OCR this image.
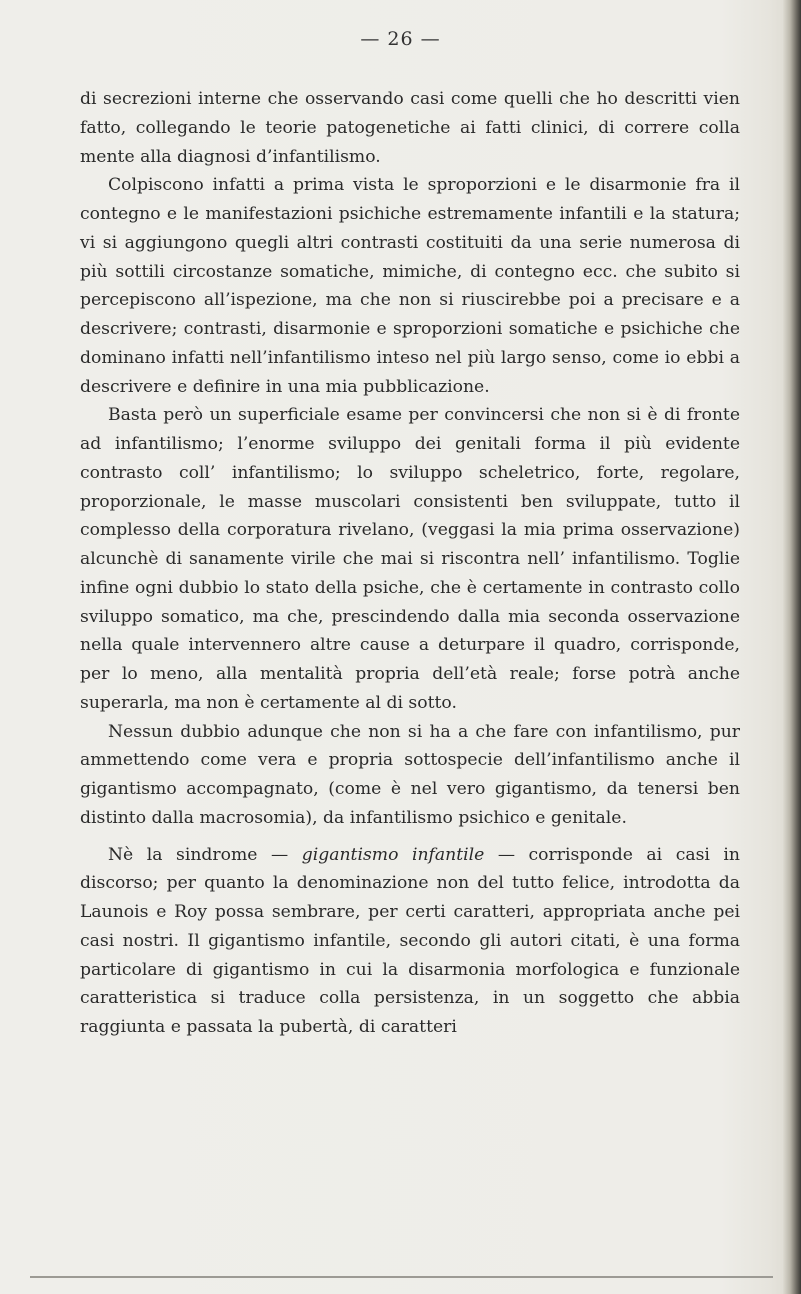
— 26 —

di secrezioni interne che osservando casi come quelli che ho descritti vien fatto, collegando le teorie patogenetiche ai fatti clinici, di correre colla mente alla diagnosi d’infantilismo.

Colpiscono infatti a prima vista le sproporzioni e le disarmonie fra il contegno e le manifestazioni psichiche estremamente infantili e la statura; vi si aggiungono quegli altri contrasti costituiti da una serie numerosa di più sottili circostanze somatiche, mimiche, di contegno ecc. che subito si percepiscono all’ispezione, ma che non si riuscirebbe poi a precisare e a descrivere; contrasti, disarmonie e sproporzioni somatiche e psichiche che dominano infatti nell’infantilismo inteso nel più largo senso, come io ebbi a descrivere e definire in una mia pubblicazione.

Basta però un superficiale esame per convincersi che non si è di fronte ad infantilismo; l’enorme sviluppo dei genitali forma il più evidente contrasto coll’ infantilismo; lo sviluppo scheletrico, forte, regolare, proporzionale, le masse muscolari consistenti ben sviluppate, tutto il complesso della corporatura rivelano, (veggasi la mia prima osservazione) alcunchè di sanamente virile che mai si riscontra nell’ infantilismo. Toglie infine ogni dubbio lo stato della psiche, che è certamente in contrasto collo sviluppo somatico, ma che, prescindendo dalla mia seconda osservazione nella quale intervennero altre cause a deturpare il quadro, corrisponde, per lo meno, alla mentalità propria dell’età reale; forse potrà anche superarla, ma non è certamente al di sotto.

Nessun dubbio adunque che non si ha a che fare con infantilismo, pur ammettendo come vera e propria sottospecie dell’infantilismo anche il gigantismo accompagnato, (come è nel vero gigantismo, da tenersi ben distinto dalla macrosomia), da infantilismo psichico e genitale.

Nè la sindrome — gigantismo infantile — corrisponde ai casi in discorso; per quanto la denominazione non del tutto felice, introdotta da Launois e Roy possa sembrare, per certi caratteri, appropriata anche pei casi nostri. Il gigantismo infantile, secondo gli autori citati, è una forma particolare di gigantismo in cui la disarmonia morfologica e funzionale caratteristica si traduce colla persistenza, in un soggetto che abbia raggiunta e passata la pubertà, di caratteri
